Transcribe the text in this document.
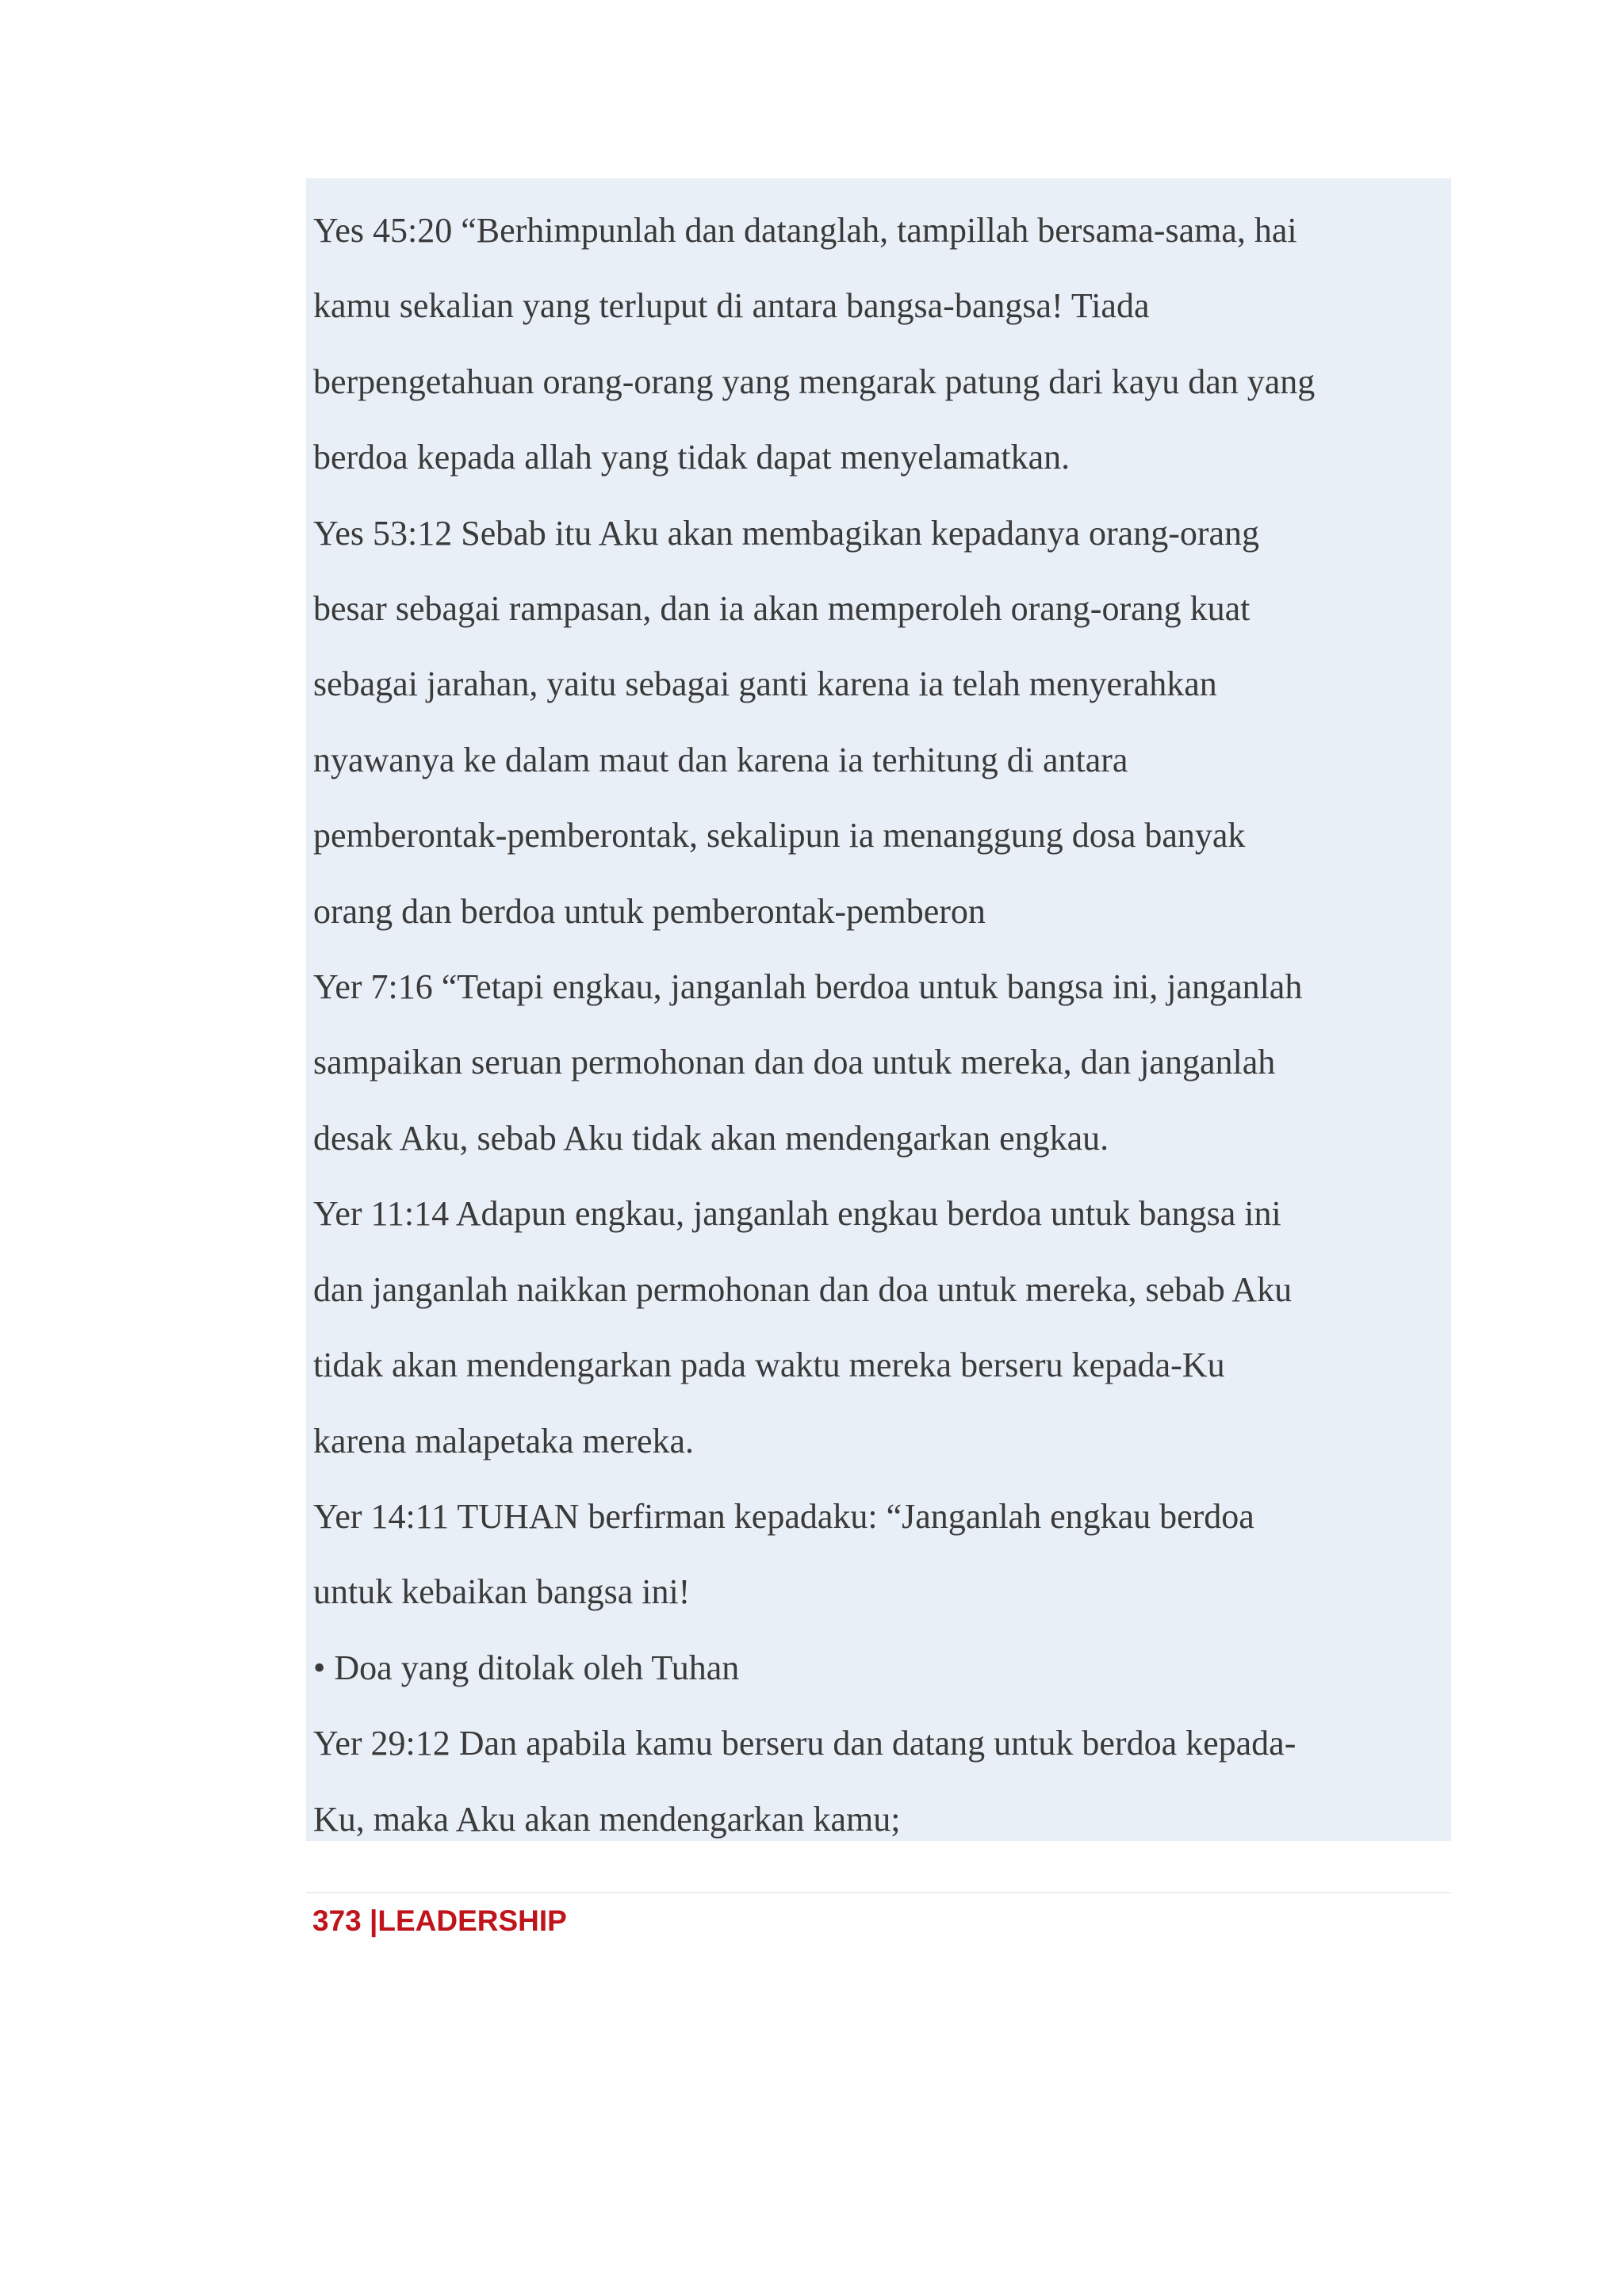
Yes 45:20 “Berhimpunlah dan datanglah, tampillah bersama-sama, hai

kamu sekalian yang terluput di antara bangsa-bangsa! Tiada

berpengetahuan orang-orang yang mengarak patung dari kayu dan yang

berdoa kepada allah yang tidak dapat menyelamatkan.

Yes 53:12 Sebab itu Aku akan membagikan kepadanya orang-orang

besar sebagai rampasan, dan ia akan memperoleh orang-orang kuat

sebagai jarahan, yaitu sebagai ganti karena ia telah menyerahkan

nyawanya ke dalam maut dan karena ia terhitung di antara

pemberontak-pemberontak, sekalipun ia menanggung dosa banyak

orang dan berdoa untuk pemberontak-pemberon

Yer 7:16 “Tetapi engkau, janganlah berdoa untuk bangsa ini, janganlah

sampaikan seruan permohonan dan doa untuk mereka, dan janganlah

desak Aku, sebab Aku tidak akan mendengarkan engkau.

Yer 11:14 Adapun engkau, janganlah engkau berdoa untuk bangsa ini

dan janganlah naikkan permohonan dan doa untuk mereka, sebab Aku

tidak akan mendengarkan pada waktu mereka berseru kepada-Ku

karena malapetaka mereka.

Yer 14:11 TUHAN berfirman kepadaku: “Janganlah engkau berdoa

untuk kebaikan bangsa ini!

• Doa yang ditolak oleh Tuhan

Yer 29:12 Dan apabila kamu berseru dan datang untuk berdoa kepada-

Ku, maka Aku akan mendengarkan kamu;

373 |LEADERSHIP
